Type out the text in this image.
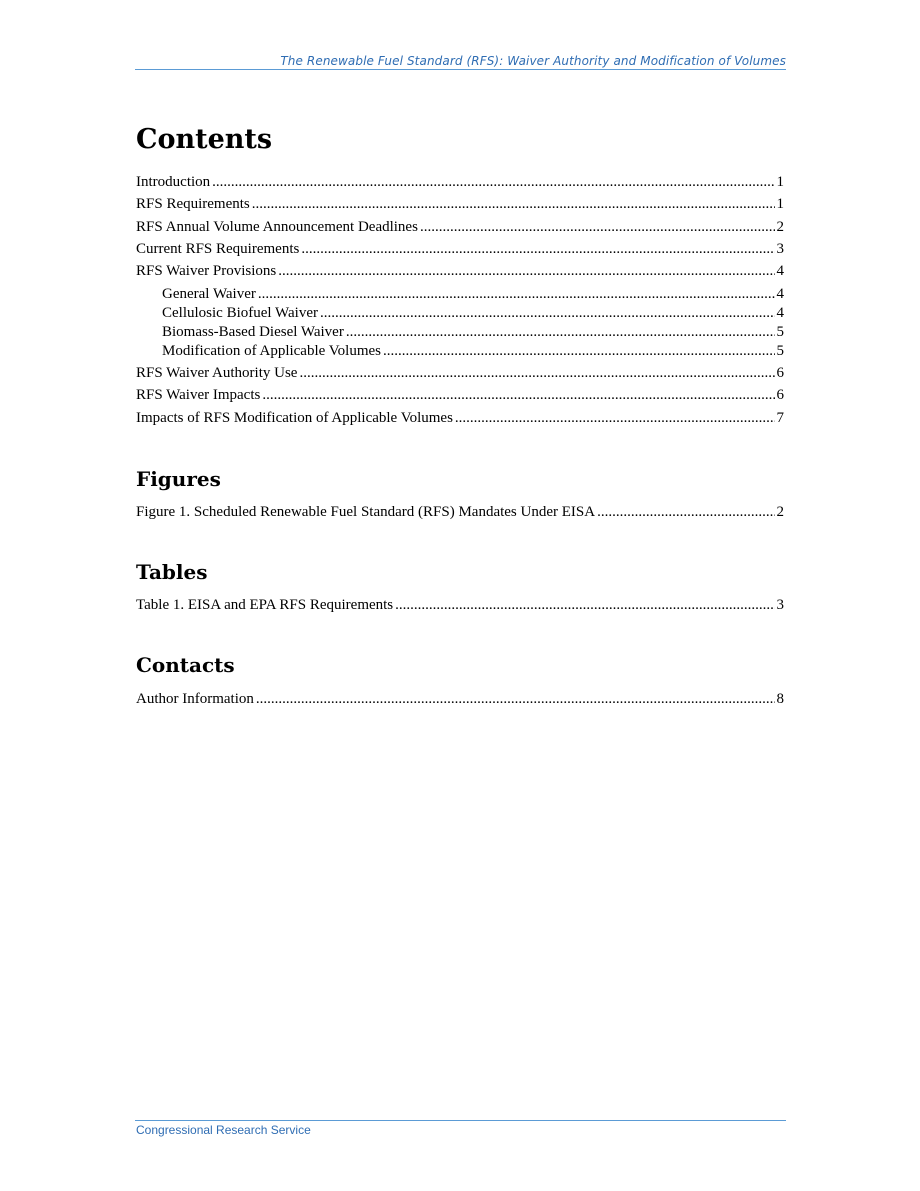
The Renewable Fuel Standard (RFS): Waiver Authority and Modification of Volumes
Contents
Introduction .....	1
RFS Requirements .....	1
RFS Annual Volume Announcement Deadlines .....	2
Current RFS Requirements .....	3
RFS Waiver Provisions .....	4
General Waiver .....	4
Cellulosic Biofuel Waiver .....	4
Biomass-Based Diesel Waiver .....	5
Modification of Applicable Volumes .....	5
RFS Waiver Authority Use .....	6
RFS Waiver Impacts .....	6
Impacts of RFS Modification of Applicable Volumes .....	7
Figures
Figure 1. Scheduled Renewable Fuel Standard (RFS) Mandates Under EISA .....	2
Tables
Table 1. EISA and EPA RFS Requirements .....	3
Contacts
Author Information .....	8
Congressional Research Service
